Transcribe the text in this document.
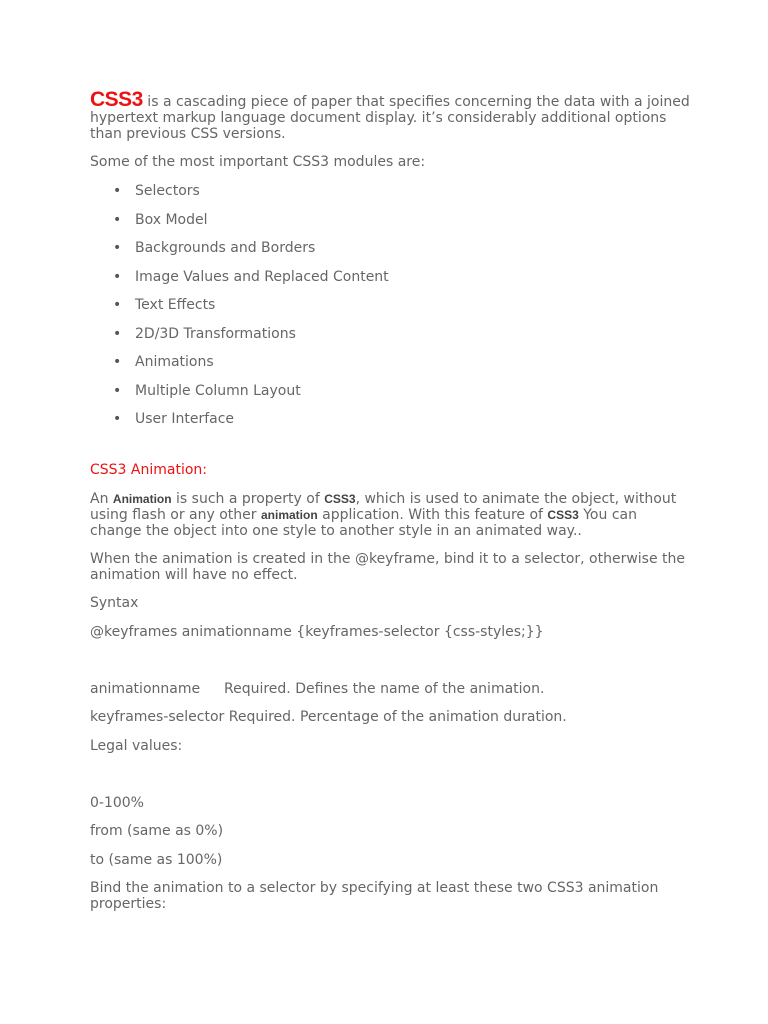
CSS3 is a cascading piece of paper that specifies concerning the data with a joined hypertext markup language document display. it’s considerably additional options than previous CSS versions.

Some of the most important CSS3 modules are:

• Selectors
• Box Model
• Backgrounds and Borders
• Image Values and Replaced Content
• Text Effects
• 2D/3D Transformations
• Animations
• Multiple Column Layout
• User Interface

CSS3 Animation:

An Animation is such a property of CSS3, which is used to animate the object, without using flash or any other animation application. With this feature of CSS3 You can change the object into one style to another style in an animated way..

When the animation is created in the @keyframe, bind it to a selector, otherwise the animation will have no effect.

Syntax

@keyframes animationname {keyframes-selector {css-styles;}}

animationname Required. Defines the name of the animation.

keyframes-selector Required. Percentage of the animation duration.

Legal values:

0-100%

from (same as 0%)

to (same as 100%)

Bind the animation to a selector by specifying at least these two CSS3 animation properties:
